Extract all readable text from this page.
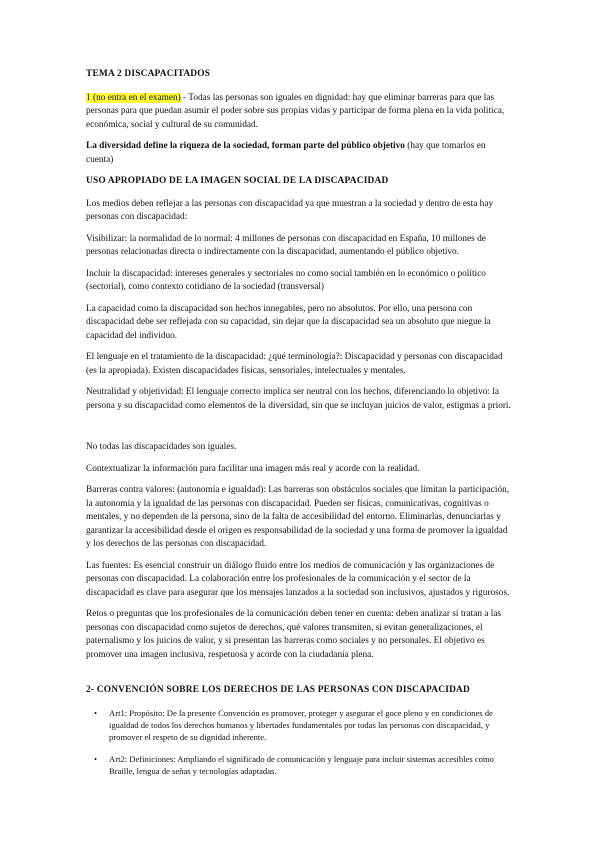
TEMA 2 DISCAPACITADOS

1 (no entra en el examen) - Todas las personas son iguales en dignidad: hay que eliminar barreras para que las personas para que puedan asumir el poder sobre sus propias vidas y participar de forma plena en la vida política, económica, social y cultural de su comunidad.

La diversidad define la riqueza de la sociedad, forman parte del público objetivo (hay que tomarlos en cuenta)

USO APROPIADO DE LA IMAGEN SOCIAL DE LA DISCAPACIDAD

Los medios deben reflejar a las personas con discapacidad ya que muestran a la sociedad y dentro de esta hay personas con discapacidad:

Visibilizar: la normalidad de lo normal: 4 millones de personas con discapacidad en España, 10 millones de personas relacionadas directa o indirectamente con la discapacidad, aumentando el público objetivo.

Incluir la discapacidad: intereses generales y sectoriales no como social también en lo económico o político (sectorial), como contexto cotidiano de la sociedad (transversal)

La capacidad como la discapacidad son hechos innegables, pero no absolutos. Por ello, una persona con discapacidad debe ser reflejada con su capacidad, sin dejar que la discapacidad sea un absoluto que niegue la capacidad del individuo.

El lenguaje en el tratamiento de la discapacidad: ¿qué terminología?: Discapacidad y personas con discapacidad (es la apropiada). Existen discapacidades físicas, sensoriales, intelectuales y mentales.

Neutralidad y objetividad: El lenguaje correcto implica ser neutral con los hechos, diferenciando lo objetivo: la persona y su discapacidad como elementos de la diversidad, sin que se incluyan juicios de valor, estigmas a priori.

No todas las discapacidades son iguales.

Contextualizar la información para facilitar una imagen más real y acorde con la realidad.

Barreras contra valores: (autonomía e igualdad): Las barreras son obstáculos sociales que limitan la participación, la autonomía y la igualdad de las personas con discapacidad. Pueden ser físicas, comunicativas, cognitivas o mentales, y no dependen de la persona, sino de la falta de accesibilidad del entorno. Eliminarlas, denunciarlas y garantizar la accesibilidad desde el origen es responsabilidad de la sociedad y una forma de promover la igualdad y los derechos de las personas con discapacidad.

Las fuentes: Es esencial construir un diálogo fluido entre los medios de comunicación y las organizaciones de personas con discapacidad. La colaboración entre los profesionales de la comunicación y el sector de la discapacidad es clave para asegurar que los mensajes lanzados a la sociedad son inclusivos, ajustados y rigurosos.

Retos o preguntas que los profesionales de la comunicación deben tener en cuenta: deben analizar si tratan a las personas con discapacidad como sujetos de derechos, qué valores transmiten, si evitan generalizaciones, el paternalismo y los juicios de valor, y si presentan las barreras como sociales y no personales. El objetivo es promover una imagen inclusiva, respetuosa y acorde con la ciudadanía plena.

2- CONVENCIÓN SOBRE LOS DERECHOS DE LAS PERSONAS CON DISCAPACIDAD

• Art1: Propósito: De la presente Convención es promover, proteger y asegurar el goce pleno y en condiciones de igualdad de todos los derechos humanos y libertades fundamentales por todas las personas con discapacidad, y promover el respeto de su dignidad inherente.
• Art2: Definiciones: Ampliando el significado de comunicación y lenguaje para incluir sistemas accesibles como Braille, lengua de señas y tecnologías adaptadas.
